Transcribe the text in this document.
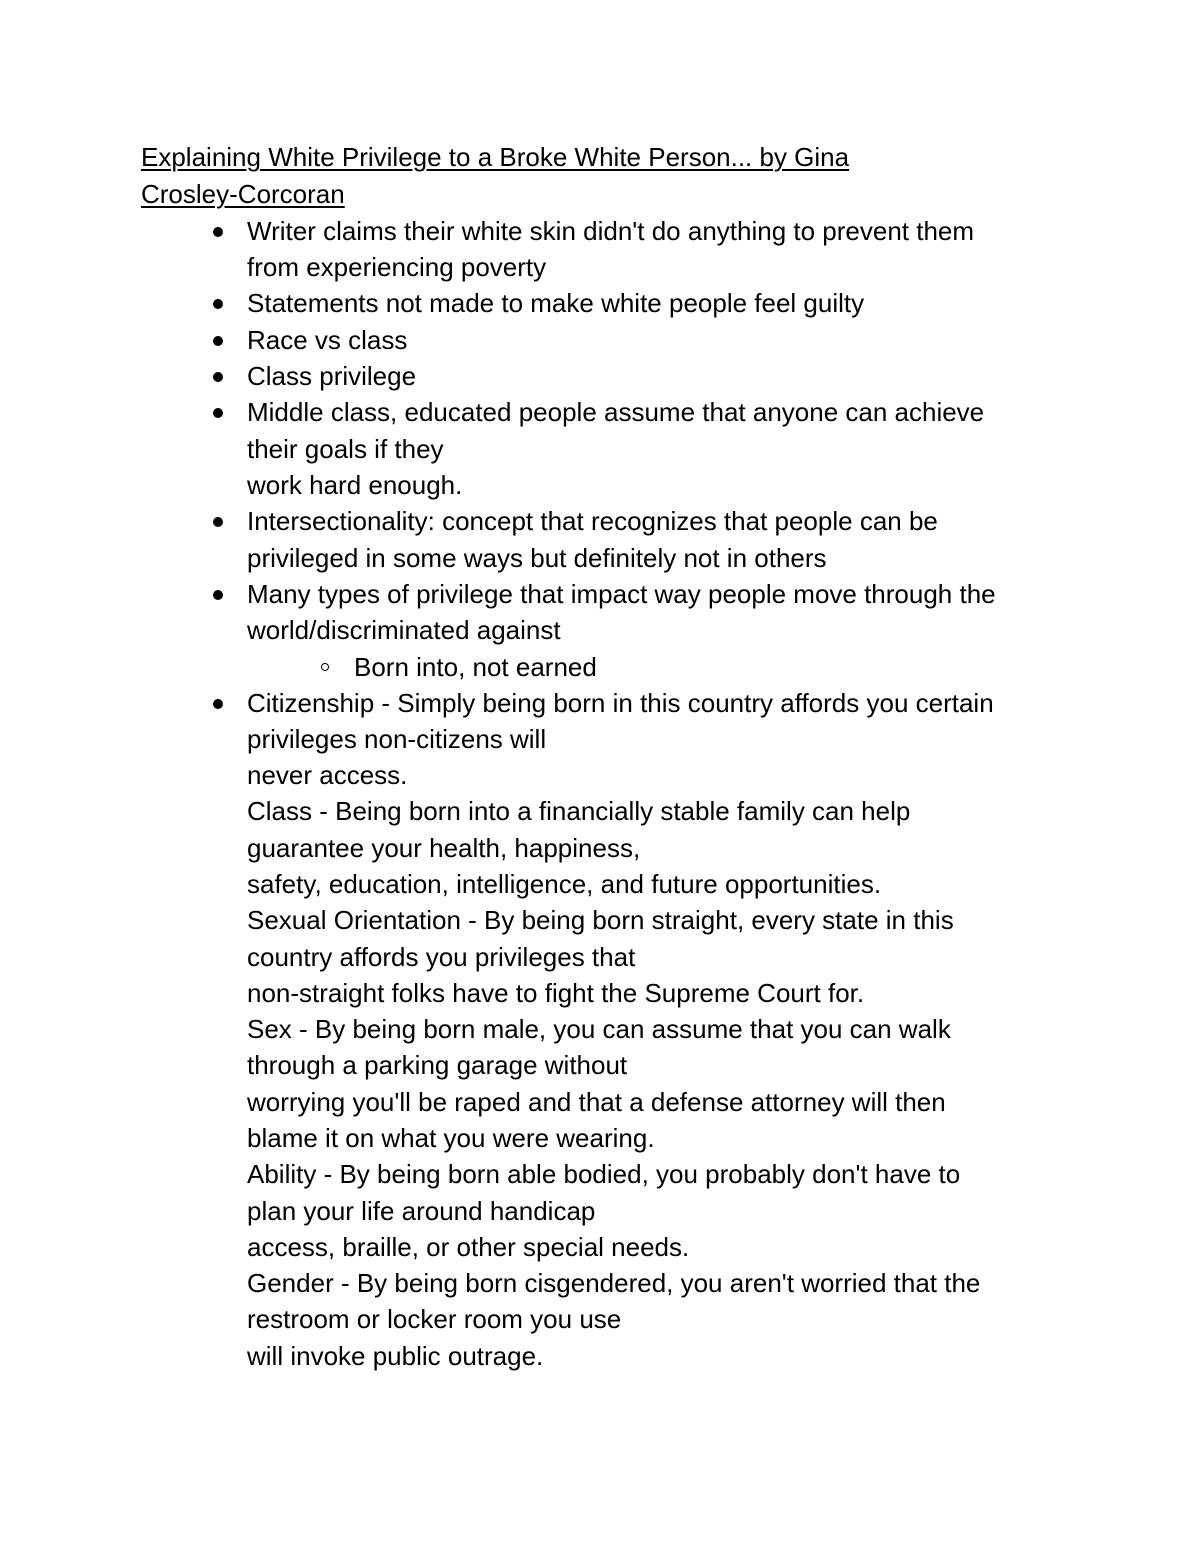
Explaining White Privilege to a Broke White Person... by Gina
Crosley-Corcoran
Writer claims their white skin didn't do anything to prevent them
from experiencing poverty
Statements not made to make white people feel guilty
Race vs class
Class privilege
Middle class, educated people assume that anyone can achieve
their goals if they
work hard enough.
Intersectionality: concept that recognizes that people can be
privileged in some ways but definitely not in others
Many types of privilege that impact way people move through the
world/discriminated against
Born into, not earned
Citizenship - Simply being born in this country affords you certain
privileges non-citizens will
never access.
Class - Being born into a financially stable family can help
guarantee your health, happiness,
safety, education, intelligence, and future opportunities.
Sexual Orientation - By being born straight, every state in this
country affords you privileges that
non-straight folks have to fight the Supreme Court for.
Sex - By being born male, you can assume that you can walk
through a parking garage without
worrying you'll be raped and that a defense attorney will then
blame it on what you were wearing.
Ability - By being born able bodied, you probably don't have to
plan your life around handicap
access, braille, or other special needs.
Gender - By being born cisgendered, you aren't worried that the
restroom or locker room you use
will invoke public outrage.
